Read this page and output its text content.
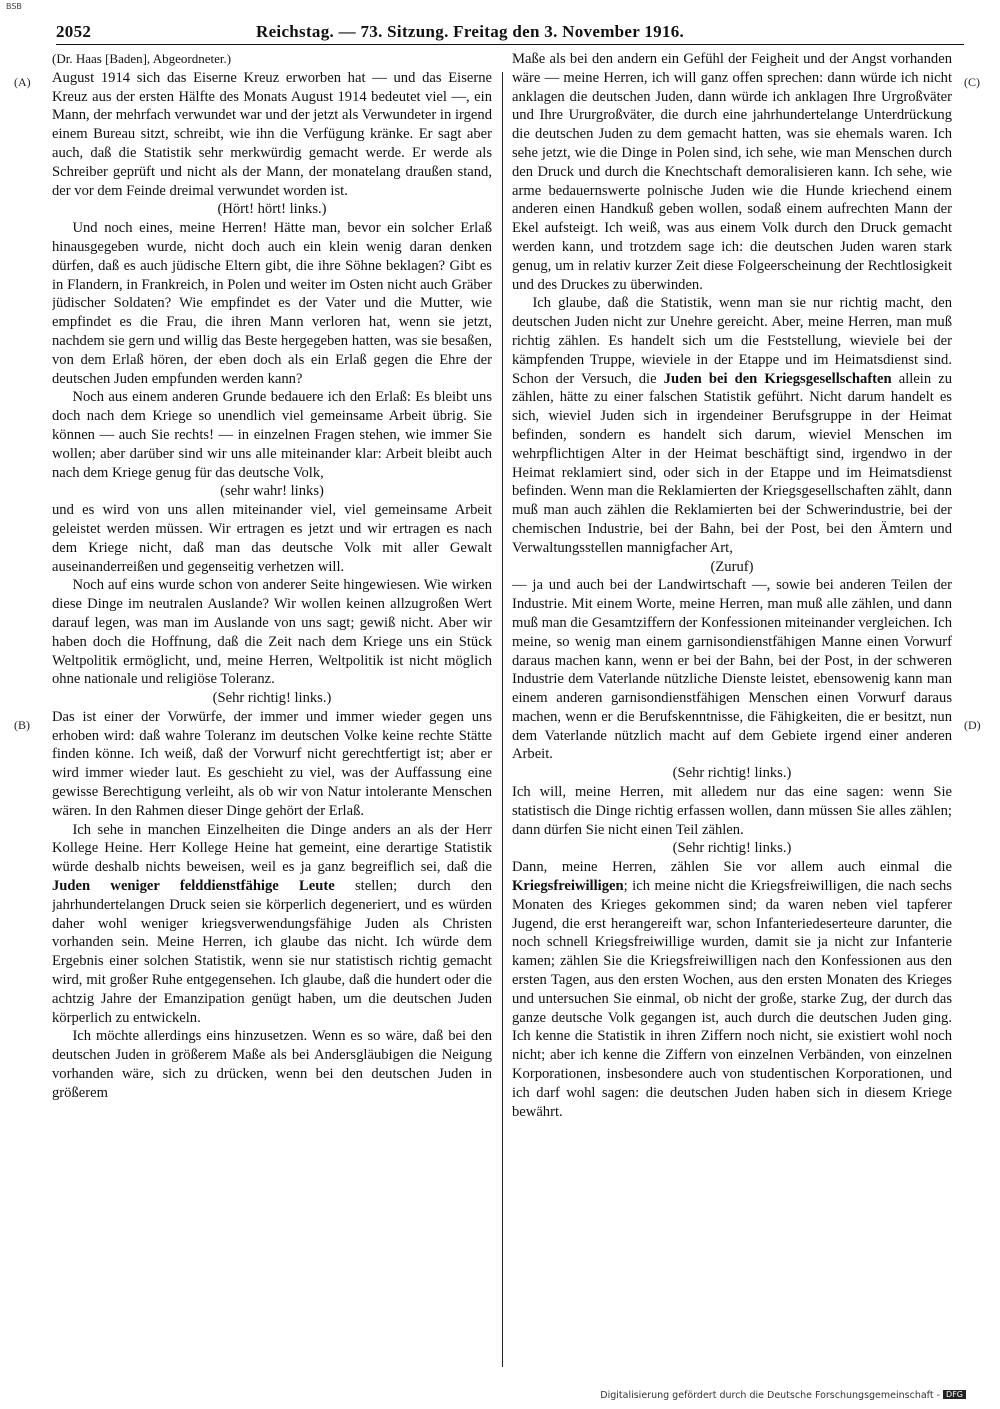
BSB
2052	Reichstag. — 73. Sitzung. Freitag den 3. November 1916.
(A)
(B)
(C)
(D)

(Dr. Haas [Baden], Abgeordneter.)

August 1914 sich das Eiserne Kreuz erworben hat — und das Eiserne Kreuz aus der ersten Hälfte des Monats August 1914 bedeutet viel —, ein Mann, der mehrfach verwundet war und der jetzt als Verwundeter in irgend einem Bureau sitzt, schreibt, wie ihn die Verfügung kränke. Er sagt aber auch, daß die Statistik sehr merkwürdig gemacht werde. Er werde als Schreiber geprüft und nicht als der Mann, der monatelang draußen stand, der vor dem Feinde dreimal verwundet worden ist.

(Hört! hört! links.)

Und noch eines, meine Herren! Hätte man, bevor ein solcher Erlaß hinausgegeben wurde, nicht doch auch ein klein wenig daran denken dürfen, daß es auch jüdische Eltern gibt, die ihre Söhne beklagen? Gibt es in Flandern, in Frankreich, in Polen und weiter im Osten nicht auch Gräber jüdischer Soldaten? Wie empfindet es der Vater und die Mutter, wie empfindet es die Frau, die ihren Mann verloren hat, wenn sie jetzt, nachdem sie gern und willig das Beste hergegeben hatten, was sie besaßen, von dem Erlaß hören, der eben doch als ein Erlaß gegen die Ehre der deutschen Juden empfunden werden kann?

Noch aus einem anderen Grunde bedauere ich den Erlaß: Es bleibt uns doch nach dem Kriege so unendlich viel gemeinsame Arbeit übrig. Sie können — auch Sie rechts! — in einzelnen Fragen stehen, wie immer Sie wollen; aber darüber sind wir uns alle miteinander klar: Arbeit bleibt auch nach dem Kriege genug für das deutsche Volk,

(sehr wahr! links)

und es wird von uns allen miteinander viel, viel gemeinsame Arbeit geleistet werden müssen. Wir ertragen es jetzt und wir ertragen es nach dem Kriege nicht, daß man das deutsche Volk mit aller Gewalt auseinanderreißen und gegenseitig verhetzen will.

Noch auf eins wurde schon von anderer Seite hingewiesen. Wie wirken diese Dinge im neutralen Auslande? Wir wollen keinen allzugroßen Wert darauf legen, was man im Auslande von uns sagt; gewiß nicht. Aber wir haben doch die Hoffnung, daß die Zeit nach dem Kriege uns ein Stück Weltpolitik ermöglicht, und, meine Herren, Weltpolitik ist nicht möglich ohne nationale und religiöse Toleranz.

(Sehr richtig! links.)

Das ist einer der Vorwürfe, der immer und immer wieder gegen uns erhoben wird: daß wahre Toleranz im deutschen Volke keine rechte Stätte finden könne. Ich weiß, daß der Vorwurf nicht gerechtfertigt ist; aber er wird immer wieder laut. Es geschieht zu viel, was der Auffassung eine gewisse Berechtigung verleiht, als ob wir von Natur intolerante Menschen wären. In den Rahmen dieser Dinge gehört der Erlaß.

Ich sehe in manchen Einzelheiten die Dinge anders an als der Herr Kollege Heine. Herr Kollege Heine hat gemeint, eine derartige Statistik würde deshalb nichts beweisen, weil es ja ganz begreiflich sei, daß die Juden weniger felddienstfähige Leute stellen; durch den jahrhundertelangen Druck seien sie körperlich degeneriert, und es würden daher wohl weniger kriegsverwendungsfähige Juden als Christen vorhanden sein. Meine Herren, ich glaube das nicht. Ich würde dem Ergebnis einer solchen Statistik, wenn sie nur statistisch richtig gemacht wird, mit großer Ruhe entgegensehen. Ich glaube, daß die hundert oder die achtzig Jahre der Emanzipation genügt haben, um die deutschen Juden körperlich zu entwickeln.

Ich möchte allerdings eins hinzusetzen. Wenn es so wäre, daß bei den deutschen Juden in größerem Maße als bei Andersgläubigen die Neigung vorhanden wäre, sich zu drücken, wenn bei den deutschen Juden in größerem

Maße als bei den andern ein Gefühl der Feigheit und der Angst vorhanden wäre — meine Herren, ich will ganz offen sprechen: dann würde ich nicht anklagen die deutschen Juden, dann würde ich anklagen Ihre Urgroßväter und Ihre Ururgroßväter, die durch eine jahrhundertelange Unterdrückung die deutschen Juden zu dem gemacht hatten, was sie ehemals waren. Ich sehe jetzt, wie die Dinge in Polen sind, ich sehe, wie man Menschen durch den Druck und durch die Knechtschaft demoralisieren kann. Ich sehe, wie arme bedauernswerte polnische Juden wie die Hunde kriechend einem anderen einen Handkuß geben wollen, sodaß einem aufrechten Mann der Ekel aufsteigt. Ich weiß, was aus einem Volk durch den Druck gemacht werden kann, und trotzdem sage ich: die deutschen Juden waren stark genug, um in relativ kurzer Zeit diese Folgeerscheinung der Rechtlosigkeit und des Druckes zu überwinden.

Ich glaube, daß die Statistik, wenn man sie nur richtig macht, den deutschen Juden nicht zur Unehre gereicht. Aber, meine Herren, man muß richtig zählen. Es handelt sich um die Feststellung, wieviele bei der kämpfenden Truppe, wieviele in der Etappe und im Heimatsdienst sind. Schon der Versuch, die Juden bei den Kriegsgesellschaften allein zu zählen, hätte zu einer falschen Statistik geführt. Nicht darum handelt es sich, wieviel Juden sich in irgendeiner Berufsgruppe in der Heimat befinden, sondern es handelt sich darum, wieviel Menschen im wehrpflichtigen Alter in der Heimat beschäftigt sind, irgendwo in der Heimat reklamiert sind, oder sich in der Etappe und im Heimatsdienst befinden. Wenn man die Reklamierten der Kriegsgesellschaften zählt, dann muß man auch zählen die Reklamierten bei der Schwerindustrie, bei der chemischen Industrie, bei der Bahn, bei der Post, bei den Ämtern und Verwaltungsstellen mannigfacher Art,

(Zuruf)

— ja und auch bei der Landwirtschaft —, sowie bei anderen Teilen der Industrie. Mit einem Worte, meine Herren, man muß alle zählen, und dann muß man die Gesamtziffern der Konfessionen miteinander vergleichen. Ich meine, so wenig man einem garnisondienstfähigen Manne einen Vorwurf daraus machen kann, wenn er bei der Bahn, bei der Post, in der schweren Industrie dem Vaterlande nützliche Dienste leistet, ebensowenig kann man einem anderen garnisondienstfähigen Menschen einen Vorwurf daraus machen, wenn er die Berufskenntnisse, die Fähigkeiten, die er besitzt, nun dem Vaterlande nützlich macht auf dem Gebiete irgend einer anderen Arbeit.

(Sehr richtig! links.)

Ich will, meine Herren, mit alledem nur das eine sagen: wenn Sie statistisch die Dinge richtig erfassen wollen, dann müssen Sie alles zählen; dann dürfen Sie nicht einen Teil zählen.

(Sehr richtig! links.)

Dann, meine Herren, zählen Sie vor allem auch einmal die Kriegsfreiwilligen; ich meine nicht die Kriegsfreiwilligen, die nach sechs Monaten des Krieges gekommen sind; da waren neben viel tapferer Jugend, die erst herangereift war, schon Infanteriedeserteure darunter, die noch schnell Kriegsfreiwillige wurden, damit sie ja nicht zur Infanterie kamen; zählen Sie die Kriegsfreiwilligen nach den Konfessionen aus den ersten Tagen, aus den ersten Wochen, aus den ersten Monaten des Krieges und untersuchen Sie einmal, ob nicht der große, starke Zug, der durch das ganze deutsche Volk gegangen ist, auch durch die deutschen Juden ging. Ich kenne die Statistik in ihren Ziffern noch nicht, sie existiert wohl noch nicht; aber ich kenne die Ziffern von einzelnen Verbänden, von einzelnen Korporationen, insbesondere auch von studentischen Korporationen, und ich darf wohl sagen: die deutschen Juden haben sich in diesem Kriege bewährt.

Digitalisierung gefördert durch die Deutsche Forschungsgemeinschaft - DFG
